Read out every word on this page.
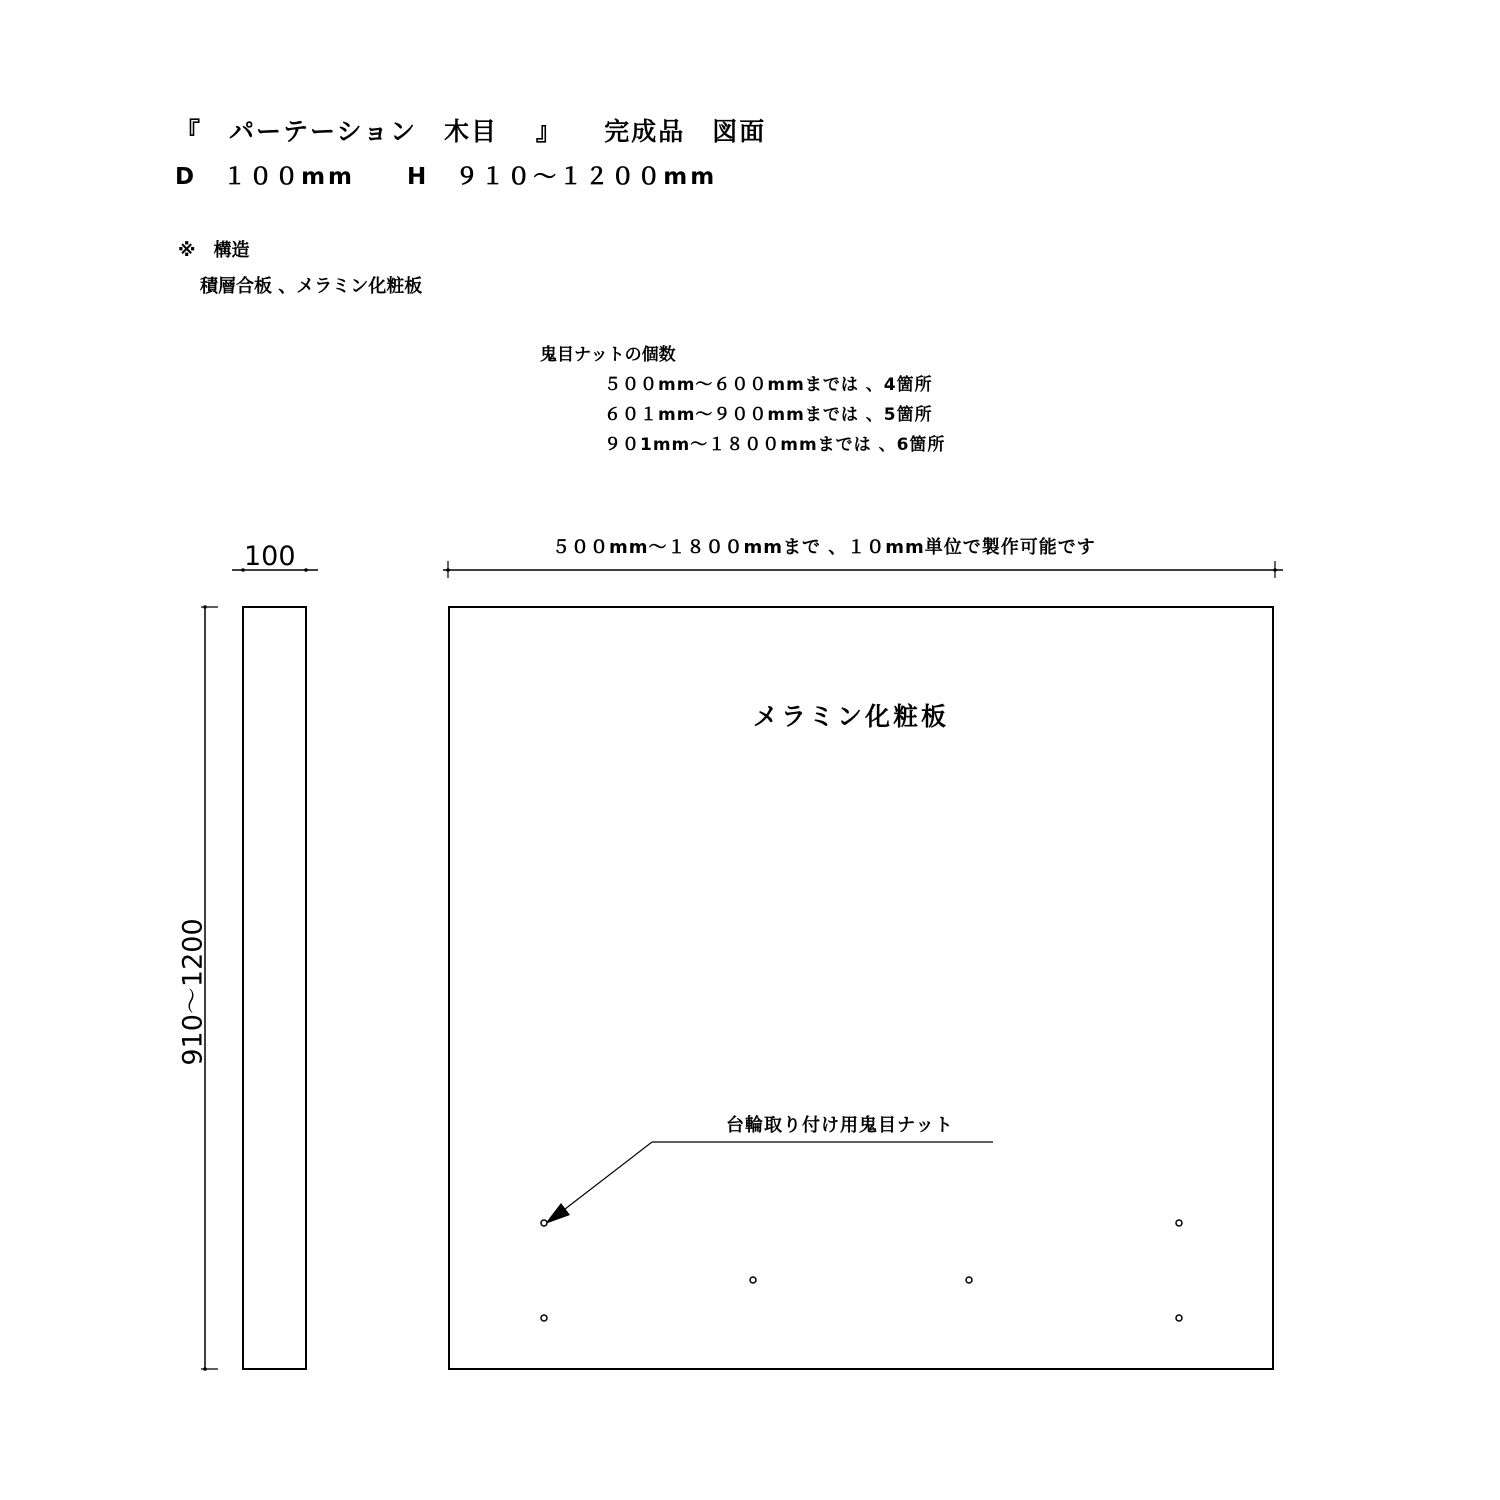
『　パーテーション　木目　 』　　完成品　図面
D　１００mm　　H　９１０～１２００mm
※　構造
積層合板 、メラミン化粧板
鬼目ナットの個数
５００mm～６００mmまでは 、4箇所
６０１mm～９００mmまでは 、5箇所
９０1mm～１８００mmまでは 、6箇所
５００mm～１８００mmまで 、１０mm単位で製作可能です
100
910～1200
メラミン化粧板
台輪取り付け用鬼目ナット
